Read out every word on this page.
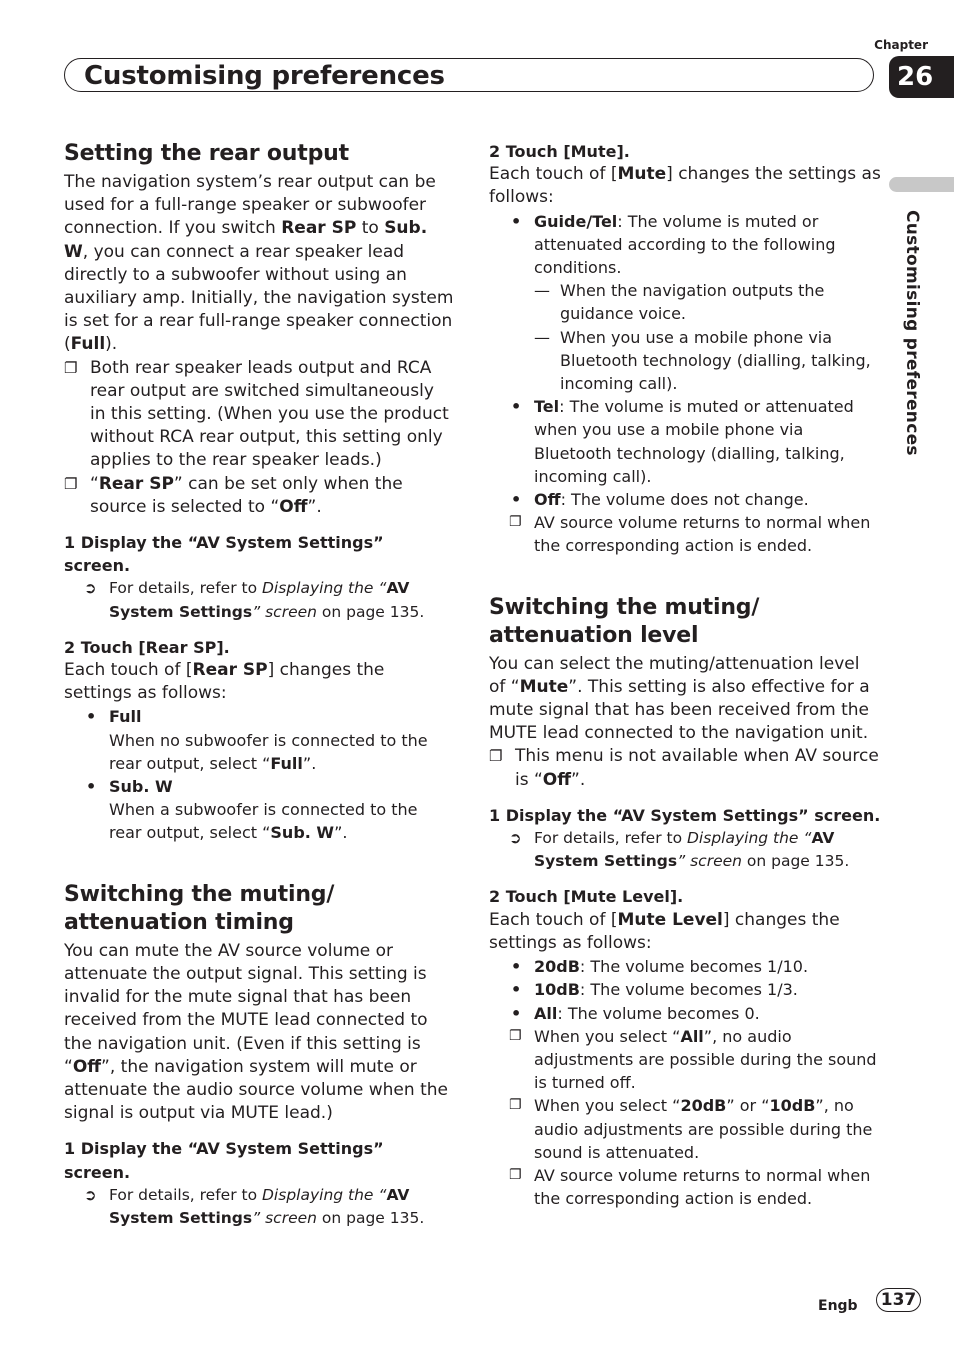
Chapter
26
Customising preferences
Customising preferences
Setting the rear output

The navigation system’s rear output can be used for a full-range speaker or subwoofer connection. If you switch Rear SP to Sub. W, you can connect a rear speaker lead directly to a subwoofer without using an auxiliary amp. Initially, the navigation system is set for a rear full-range speaker connection (Full).

❐ Both rear speaker leads output and RCA rear output are switched simultaneously in this setting. (When you use the product without RCA rear output, this setting only applies to the rear speaker leads.)

❐ “Rear SP” can be set only when the source is selected to “Off”.

1 Display the “AV System Settings” screen.

➲ For details, refer to Displaying the “AV System Settings” screen on page 135.

2 Touch [Rear SP].

Each touch of [Rear SP] changes the settings as follows:

• Full

When no subwoofer is connected to the rear output, select “Full”.

• Sub. W

When a subwoofer is connected to the rear output, select “Sub. W”.

Switching the muting/ attenuation timing

You can mute the AV source volume or attenuate the output signal. This setting is invalid for the mute signal that has been received from the MUTE lead connected to the navigation unit. (Even if this setting is “Off”, the navigation system will mute or attenuate the audio source volume when the signal is output via MUTE lead.)

1 Display the “AV System Settings” screen.

➲ For details, refer to Displaying the “AV System Settings” screen on page 135.

2 Touch [Mute].

Each touch of [Mute] changes the settings as follows:

• Guide/Tel: The volume is muted or attenuated according to the following conditions.

— When the navigation outputs the guidance voice.

— When you use a mobile phone via Bluetooth technology (dialling, talking, incoming call).

• Tel: The volume is muted or attenuated when you use a mobile phone via Bluetooth technology (dialling, talking, incoming call).
• Off: The volume does not change.

❐ AV source volume returns to normal when the corresponding action is ended.

Switching the muting/ attenuation level

You can select the muting/attenuation level of “Mute”. This setting is also effective for a mute signal that has been received from the MUTE lead connected to the navigation unit.

❐ This menu is not available when AV source is “Off”.

1 Display the “AV System Settings” screen.

➲ For details, refer to Displaying the “AV System Settings” screen on page 135.

2 Touch [Mute Level].

Each touch of [Mute Level] changes the settings as follows:

• 20dB: The volume becomes 1/10.
• 10dB: The volume becomes 1/3.
• All: The volume becomes 0.

❐ When you select “All”, no audio adjustments are possible during the sound is turned off.

❐ When you select “20dB” or “10dB”, no audio adjustments are possible during the sound is attenuated.

❐ AV source volume returns to normal when the corresponding action is ended.

Engb 137
